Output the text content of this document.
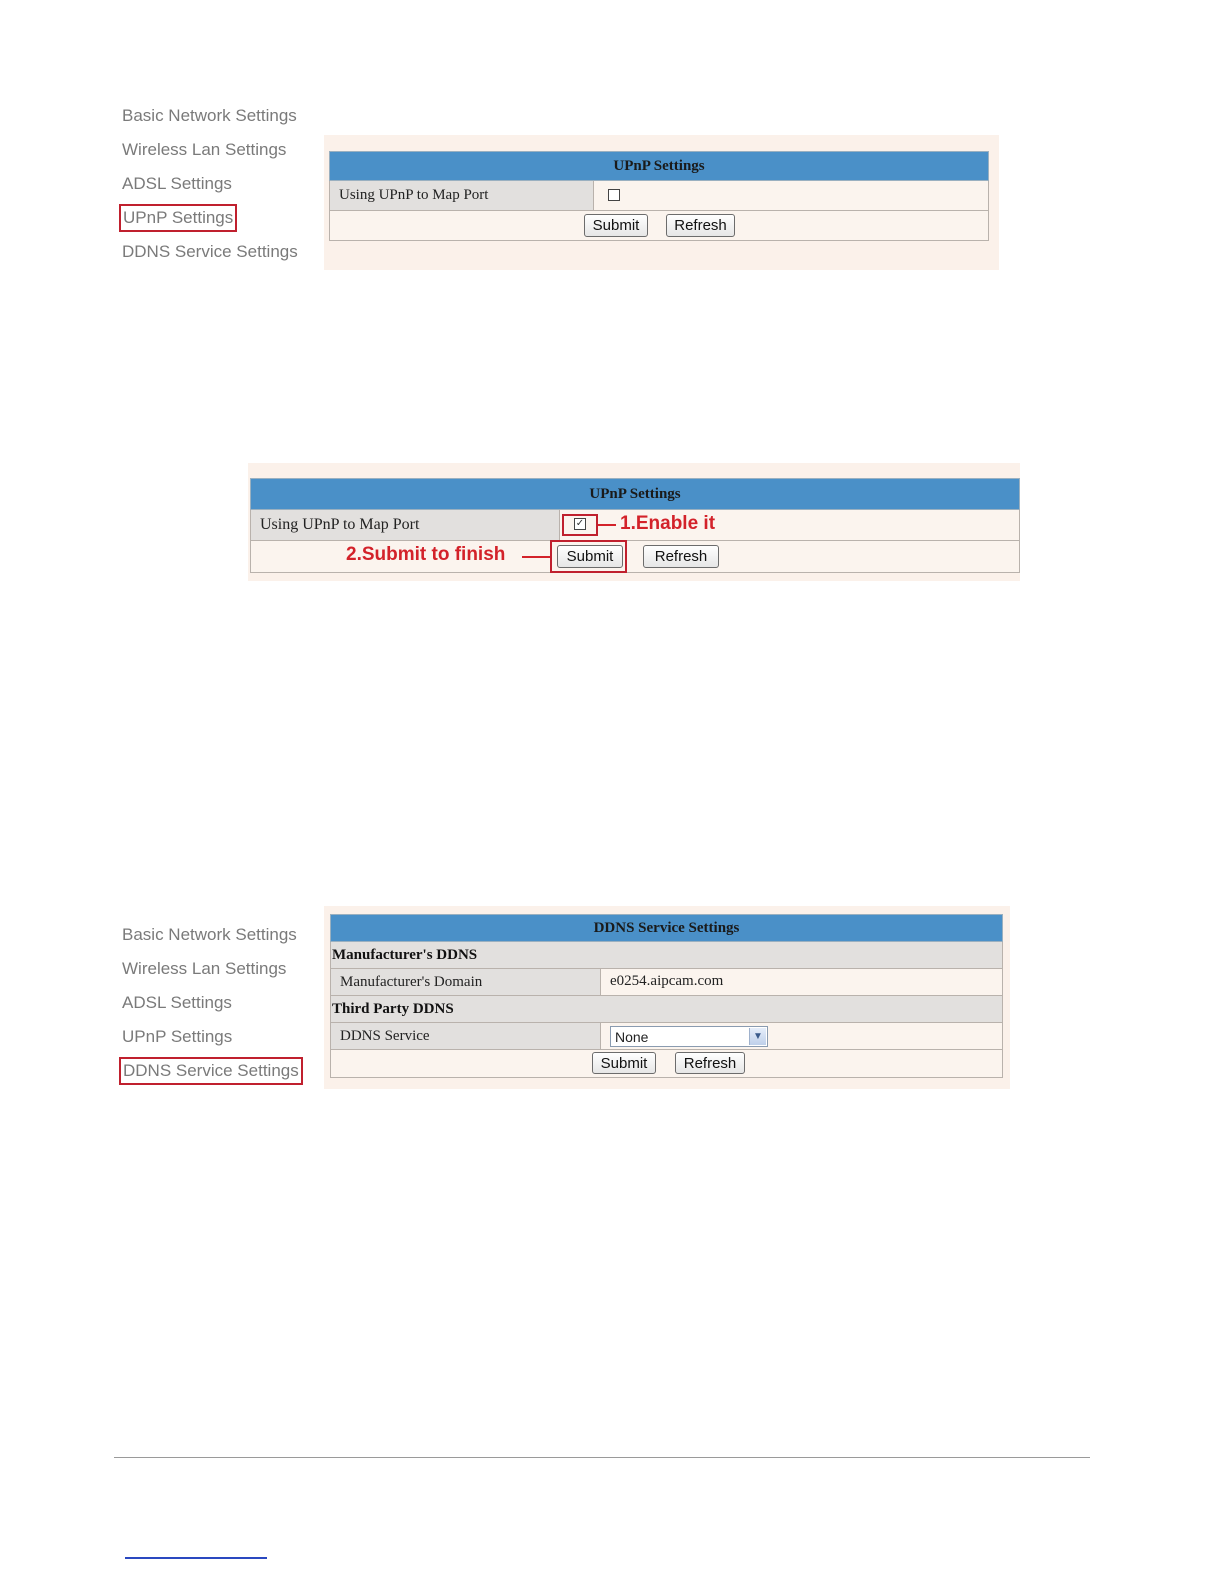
Basic Network Settings
Wireless Lan Settings
ADSL Settings
UPnP Settings
DDNS Service Settings
UPnP Settings
Using UPnP to Map Port
Submit	Refresh
UPnP Settings
Using UPnP to Map Port	✓
Submit	Refresh
1.Enable it
2.Submit to finish
Basic Network Settings
Wireless Lan Settings
ADSL Settings
UPnP Settings
DDNS Service Settings
DDNS Service Settings
Manufacturer's DDNS
Manufacturer's Domain	e0254.aipcam.com
Third Party DDNS
DDNS Service	None	▼
Submit	Refresh
